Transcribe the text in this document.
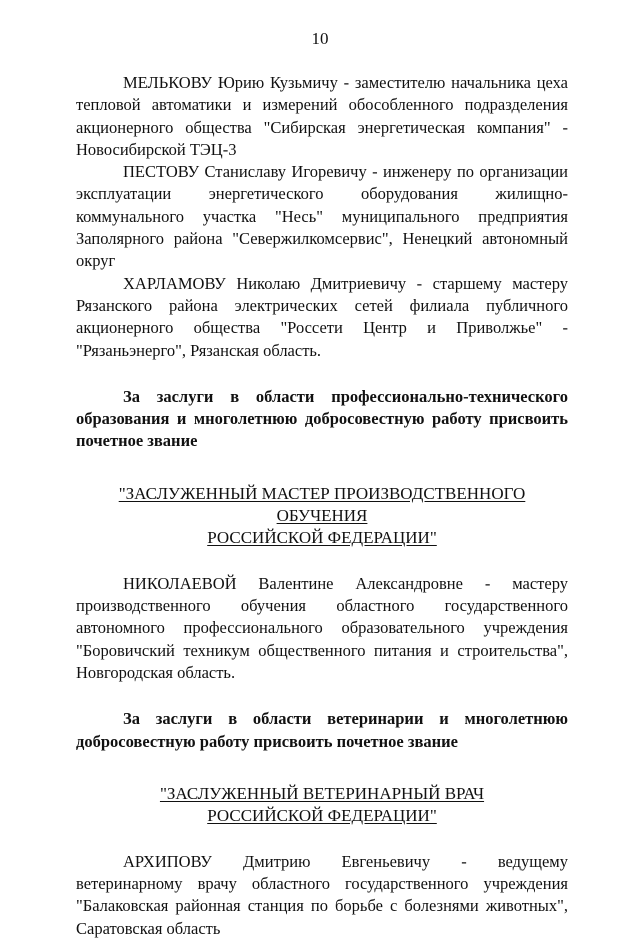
10

МЕЛЬКОВУ Юрию Кузьмичу - заместителю начальника цеха тепловой автоматики и измерений обособленного подразделения акционерного общества "Сибирская энергетическая компания" - Новосибирской ТЭЦ-3

ПЕСТОВУ Станиславу Игоревичу - инженеру по организации эксплуатации энергетического оборудования жилищно-коммунального участка "Несь" муниципального предприятия Заполярного района "Севержилкомсервис", Ненецкий автономный округ

ХАРЛАМОВУ Николаю Дмитриевичу - старшему мастеру Рязанского района электрических сетей филиала публичного акционерного общества "Россети Центр и Приволжье" - "Рязаньэнерго", Рязанская область.

За заслуги в области профессионально-технического образования и многолетнюю добросовестную работу присвоить почетное звание

"ЗАСЛУЖЕННЫЙ МАСТЕР ПРОИЗВОДСТВЕННОГО ОБУЧЕНИЯ
РОССИЙСКОЙ ФЕДЕРАЦИИ"

НИКОЛАЕВОЙ Валентине Александровне - мастеру производственного обучения областного государственного автономного профессионального образовательного учреждения "Боровичский техникум общественного питания и строительства", Новгородская область.

За заслуги в области ветеринарии и многолетнюю добросовестную работу присвоить почетное звание

"ЗАСЛУЖЕННЫЙ ВЕТЕРИНАРНЫЙ ВРАЧ
РОССИЙСКОЙ ФЕДЕРАЦИИ"

АРХИПОВУ Дмитрию Евгеньевичу - ведущему ветеринарному врачу областного государственного учреждения "Балаковская районная станция по борьбе с болезнями животных", Саратовская область
